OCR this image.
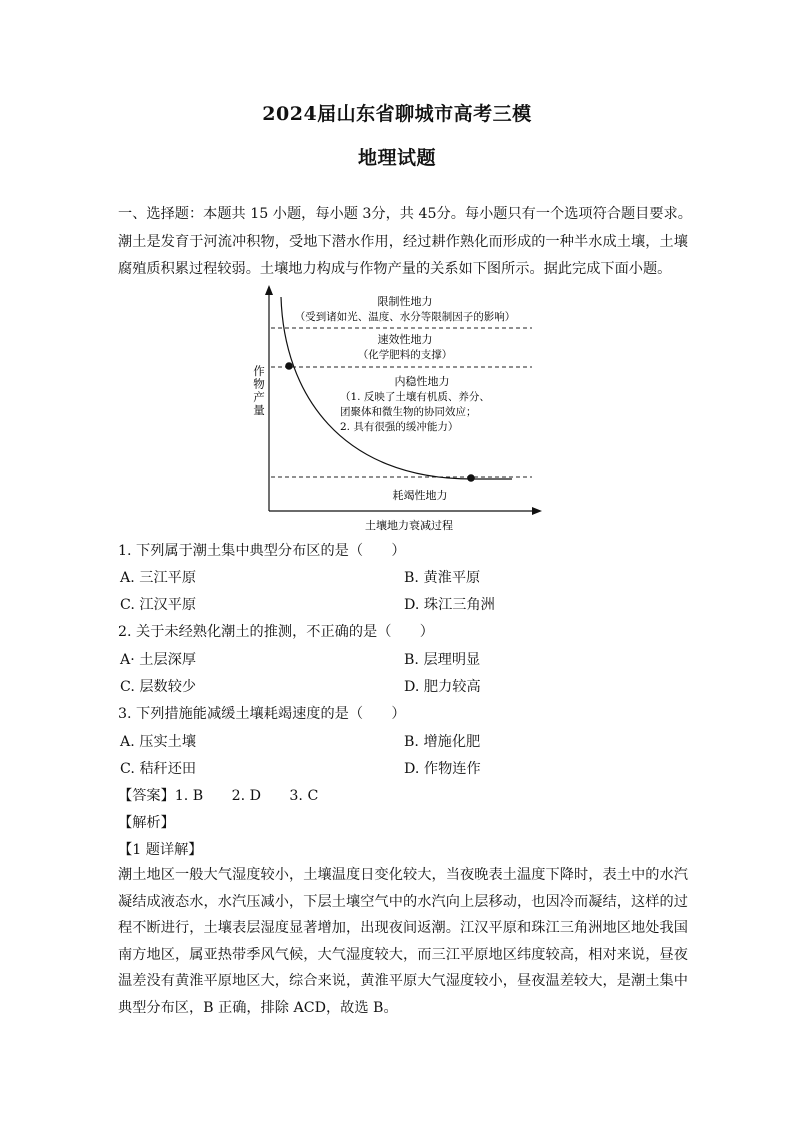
2024届山东省聊城市高考三模
地理试题
一、选择题：本题共 15 小题，每小题 3分，共 45分。每小题只有一个选项符合题目要求。
潮土是发育于河流冲积物，受地下潜水作用，经过耕作熟化而形成的一种半水成土壤，土壤腐殖质积累过程较弱。土壤地力构成与作物产量的关系如下图所示。据此完成下面小题。
作
物
产
量
限制性地力
（受到诸如光、温度、水分等限制因子的影响）
速效性地力
（化学肥料的支撑）
内稳性地力
（1. 反映了土壤有机质、养分、
团聚体和微生物的协同效应；
2. 具有很强的缓冲能力）
耗竭性地力
土壤地力衰减过程
1. 下列属于潮土集中典型分布区的是（　　）
A. 三江平原	B. 黄淮平原
C. 江汉平原	D. 珠江三角洲
2. 关于未经熟化潮土的推测，不正确的是（　　）
A· 土层深厚	B. 层理明显
C. 层数较少	D. 肥力较高
3. 下列措施能减缓土壤耗竭速度的是（　　）
A. 压实土壤	B. 增施化肥
C. 秸秆还田	D. 作物连作
【答案】1. B　　2. D　　3. C
【解析】
【1 题详解】
潮土地区一般大气湿度较小，土壤温度日变化较大，当夜晚表土温度下降时，表土中的水汽凝结成液态水，水汽压减小，下层土壤空气中的水汽向上层移动，也因冷而凝结，这样的过程不断进行，土壤表层湿度显著增加，出现夜间返潮。江汉平原和珠江三角洲地区地处我国南方地区，属亚热带季风气候，大气湿度较大，而三江平原地区纬度较高，相对来说，昼夜温差没有黄淮平原地区大，综合来说，黄淮平原大气湿度较小，昼夜温差较大，是潮土集中典型分布区，B 正确，排除 ACD，故选 B。
